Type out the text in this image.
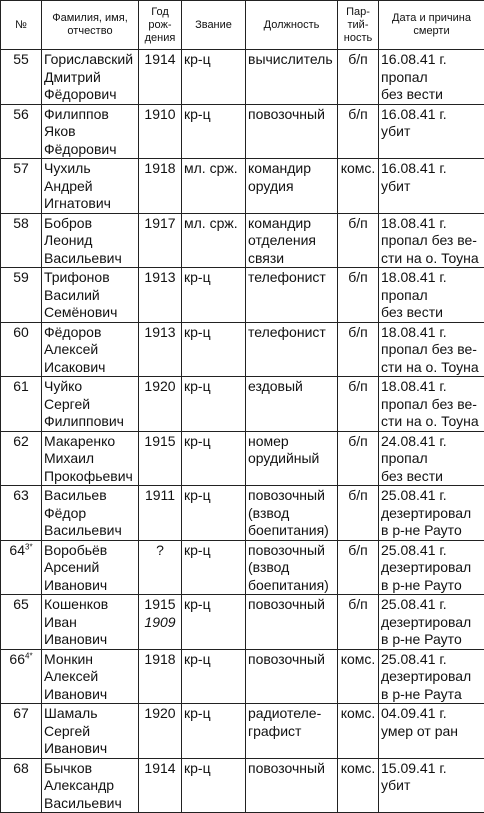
№	Фамилия, имя,
отчество	Год
рож-
дения	Звание	Должность	Пар-
тий-
ность	Дата и причина
смерти
55	Гориславский
Дмитрий
Фёдорович	1914	кр-ц	вычислитель	б/п	16.08.41 г.
пропал
без вести

56	Филиппов
Яков
Фёдорович	1910	кр-ц	повозочный	б/п	16.08.41 г.
убит

57	Чухиль
Андрей
Игнатович	1918	мл. срж.	командир
орудия	комс.	16.08.41 г.
убит

58	Бобров
Леонид
Васильевич	1917	мл. срж.	командир
отделения
связи	б/п	18.08.41 г.
пропал без ве-
сти на о. Тоуна

59	Трифонов
Василий
Семёнович	1913	кр-ц	телефонист	б/п	18.08.41 г.
пропал
без вести

60	Фёдоров
Алексей
Исакович	1913	кр-ц	телефонист	б/п	18.08.41 г.
пропал без ве-
сти на о. Тоуна

61	Чуйко
Сергей
Филиппович	1920	кр-ц	ездовый	б/п	18.08.41 г.
пропал без ве-
сти на о. Тоуна

62	Макаренко
Михаил
Прокофьевич	1915	кр-ц	номер
орудийный	б/п	24.08.41 г.
пропал
без вести

63	Васильев
Фёдор
Васильевич	1911	кр-ц	повозочный
(взвод
боепитания)	б/п	25.08.41 г.
дезертировал
в р-не Рауто

$64^{3*}$	Воробьёв
Арсений
Иванович	?	кр-ц	повозочный
(взвод
боепитания)	б/п	25.08.41 г.
дезертировал
в р-не Рауто

65	Кошенков
Иван
Иванович	1915
1909	кр-ц	повозочный	б/п	25.08.41 г.
дезертировал
в р-не Рауто

$66^{4*}$	Монкин
Алексей
Иванович	1918	кр-ц	повозочный	комс.	25.08.41 г.
дезертировал
в р-не Раута

67	Шамаль
Сергей
Иванович	1920	кр-ц	радиотеле-
графист	комс.	04.09.41 г.
умер от ран

68	Бычков
Александр
Васильевич	1914	кр-ц	повозочный	комс.	15.09.41 г.
убит
